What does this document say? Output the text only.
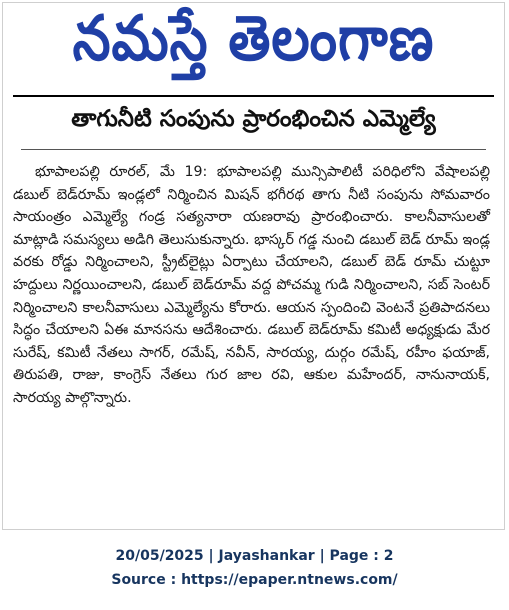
నమస్తే తెలంగాణ
తాగునీటి సంపును ప్రారంభించిన ఎమ్మెల్యే

భూపాలపల్లి రూరల్, మే 19: భూపాలపల్లి మున్సిపాలిటీ పరిధిలోని వేషాలపల్లి డబుల్ బెడ్‌రూమ్ ఇండ్లలో నిర్మించిన మిషన్ భగీరథ తాగు నీటి సంపును సోమవారం సాయంత్రం ఎమ్మెల్యే గండ్ర సత్యనారా యణరావు ప్రారంభించారు. కాలనీవాసులతో మాట్లాడి సమస్యలు అడిగి తెలుసుకున్నారు. భాస్కర్ గడ్డ నుంచి డబుల్ బెడ్ రూమ్ ఇండ్ల వరకు రోడ్డు నిర్మించాలని, స్ట్రీట్‌లైట్లు ఏర్పాటు చేయాలని, డబుల్ బెడ్ రూమ్ చుట్టూ హద్దులు నిర్ణయించాలని, డబుల్ బెడ్‌రూమ్ వద్ద పోచమ్మ గుడి నిర్మించాలని, సబ్ సెంటర్ నిర్మించాలని కాలనీవాసులు ఎమ్మెల్యేను కోరారు. ఆయన స్పందించి వెంటనే ప్రతిపాదనలు సిద్ధం చేయాలని ఏఈ మానసను ఆదేశించారు. డబుల్ బెడ్‌రూమ్ కమిటీ అధ్యక్షుడు మేర సురేష్, కమిటీ నేతలు సాగర్, రమేష్, నవీన్, సారయ్య, దుర్గం రమేష్, రహీం ఫయాజ్, తిరుపతి, రాజు, కాంగ్రెస్ నేతలు గుర జాల రవి, ఆకుల మహేందర్, నానునాయక్, సారయ్య పాల్గొన్నారు.

20/05/2025 | Jayashankar | Page : 2
Source : https://epaper.ntnews.com/
